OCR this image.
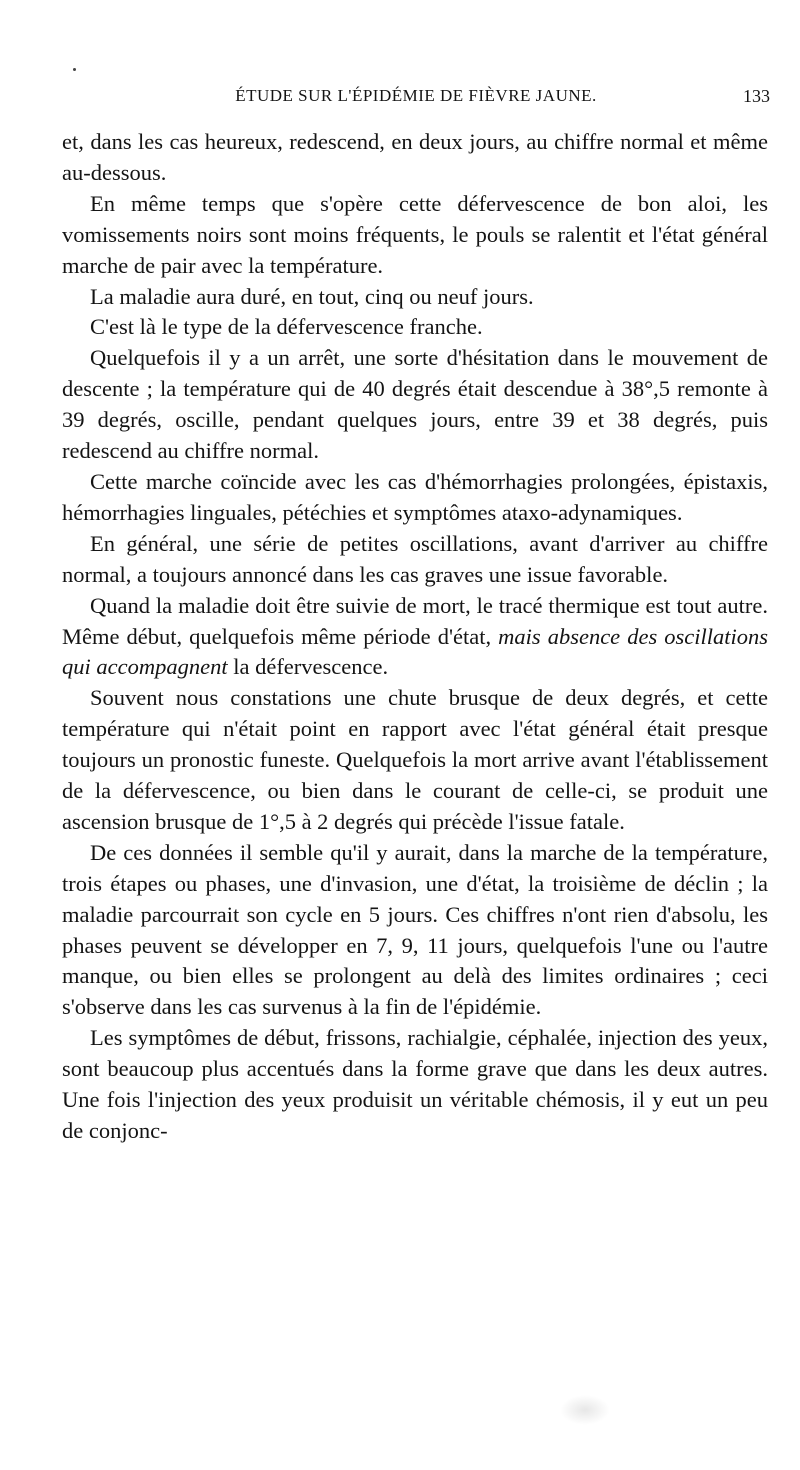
ÉTUDE SUR L'ÉPIDÉMIE DE FIÈVRE JAUNE.	133

et, dans les cas heureux, redescend, en deux jours, au chiffre normal et même au-dessous.

En même temps que s'opère cette défervescence de bon aloi, les vomissements noirs sont moins fréquents, le pouls se ralentit et l'état général marche de pair avec la température.

La maladie aura duré, en tout, cinq ou neuf jours.

C'est là le type de la défervescence franche.

Quelquefois il y a un arrêt, une sorte d'hésitation dans le mouvement de descente ; la température qui de 40 degrés était descendue à 38°,5 remonte à 39 degrés, oscille, pendant quelques jours, entre 39 et 38 degrés, puis redescend au chiffre normal.

Cette marche coïncide avec les cas d'hémorrhagies prolongées, épistaxis, hémorrhagies linguales, pétéchies et symptômes ataxo-adynamiques.

En général, une série de petites oscillations, avant d'arriver au chiffre normal, a toujours annoncé dans les cas graves une issue favorable.

Quand la maladie doit être suivie de mort, le tracé thermique est tout autre. Même début, quelquefois même période d'état, mais absence des oscillations qui accompagnent la défervescence.

Souvent nous constations une chute brusque de deux degrés, et cette température qui n'était point en rapport avec l'état général était presque toujours un pronostic funeste. Quelquefois la mort arrive avant l'établissement de la défervescence, ou bien dans le courant de celle-ci, se produit une ascension brusque de 1°,5 à 2 degrés qui précède l'issue fatale.

De ces données il semble qu'il y aurait, dans la marche de la température, trois étapes ou phases, une d'invasion, une d'état, la troisième de déclin ; la maladie parcourrait son cycle en 5 jours. Ces chiffres n'ont rien d'absolu, les phases peuvent se développer en 7, 9, 11 jours, quelquefois l'une ou l'autre manque, ou bien elles se prolongent au delà des limites ordinaires ; ceci s'observe dans les cas survenus à la fin de l'épidémie.

Les symptômes de début, frissons, rachialgie, céphalée, injection des yeux, sont beaucoup plus accentués dans la forme grave que dans les deux autres. Une fois l'injection des yeux produisit un véritable chémosis, il y eut un peu de conjonc-
